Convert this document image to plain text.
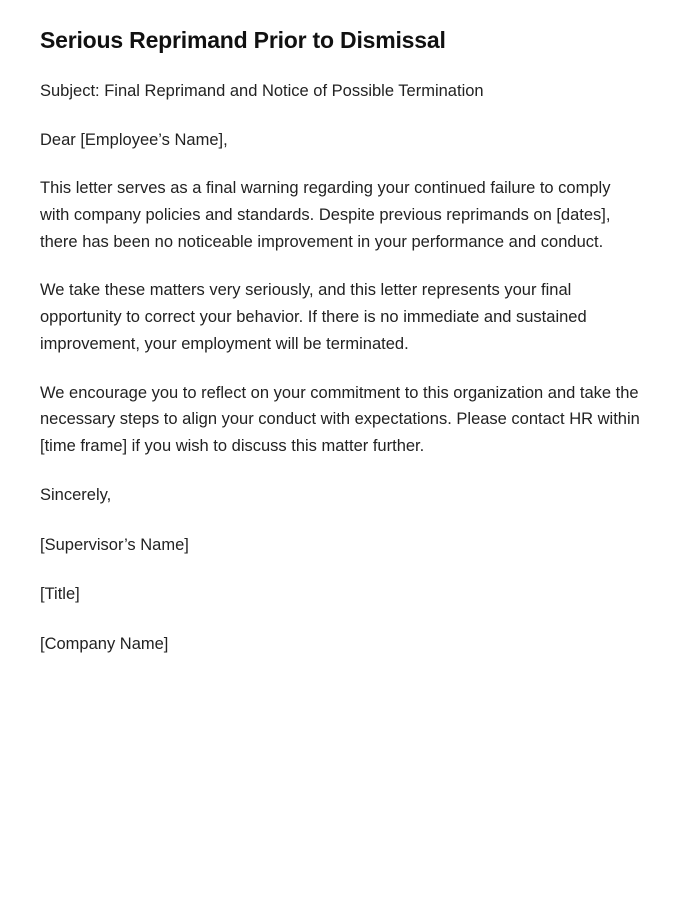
Serious Reprimand Prior to Dismissal

Subject: Final Reprimand and Notice of Possible Termination

Dear [Employee’s Name],

This letter serves as a final warning regarding your continued failure to comply with company policies and standards. Despite previous reprimands on [dates], there has been no noticeable improvement in your performance and conduct.

We take these matters very seriously, and this letter represents your final opportunity to correct your behavior. If there is no immediate and sustained improvement, your employment will be terminated.

We encourage you to reflect on your commitment to this organization and take the necessary steps to align your conduct with expectations. Please contact HR within [time frame] if you wish to discuss this matter further.

Sincerely,

[Supervisor’s Name]

[Title]

[Company Name]
